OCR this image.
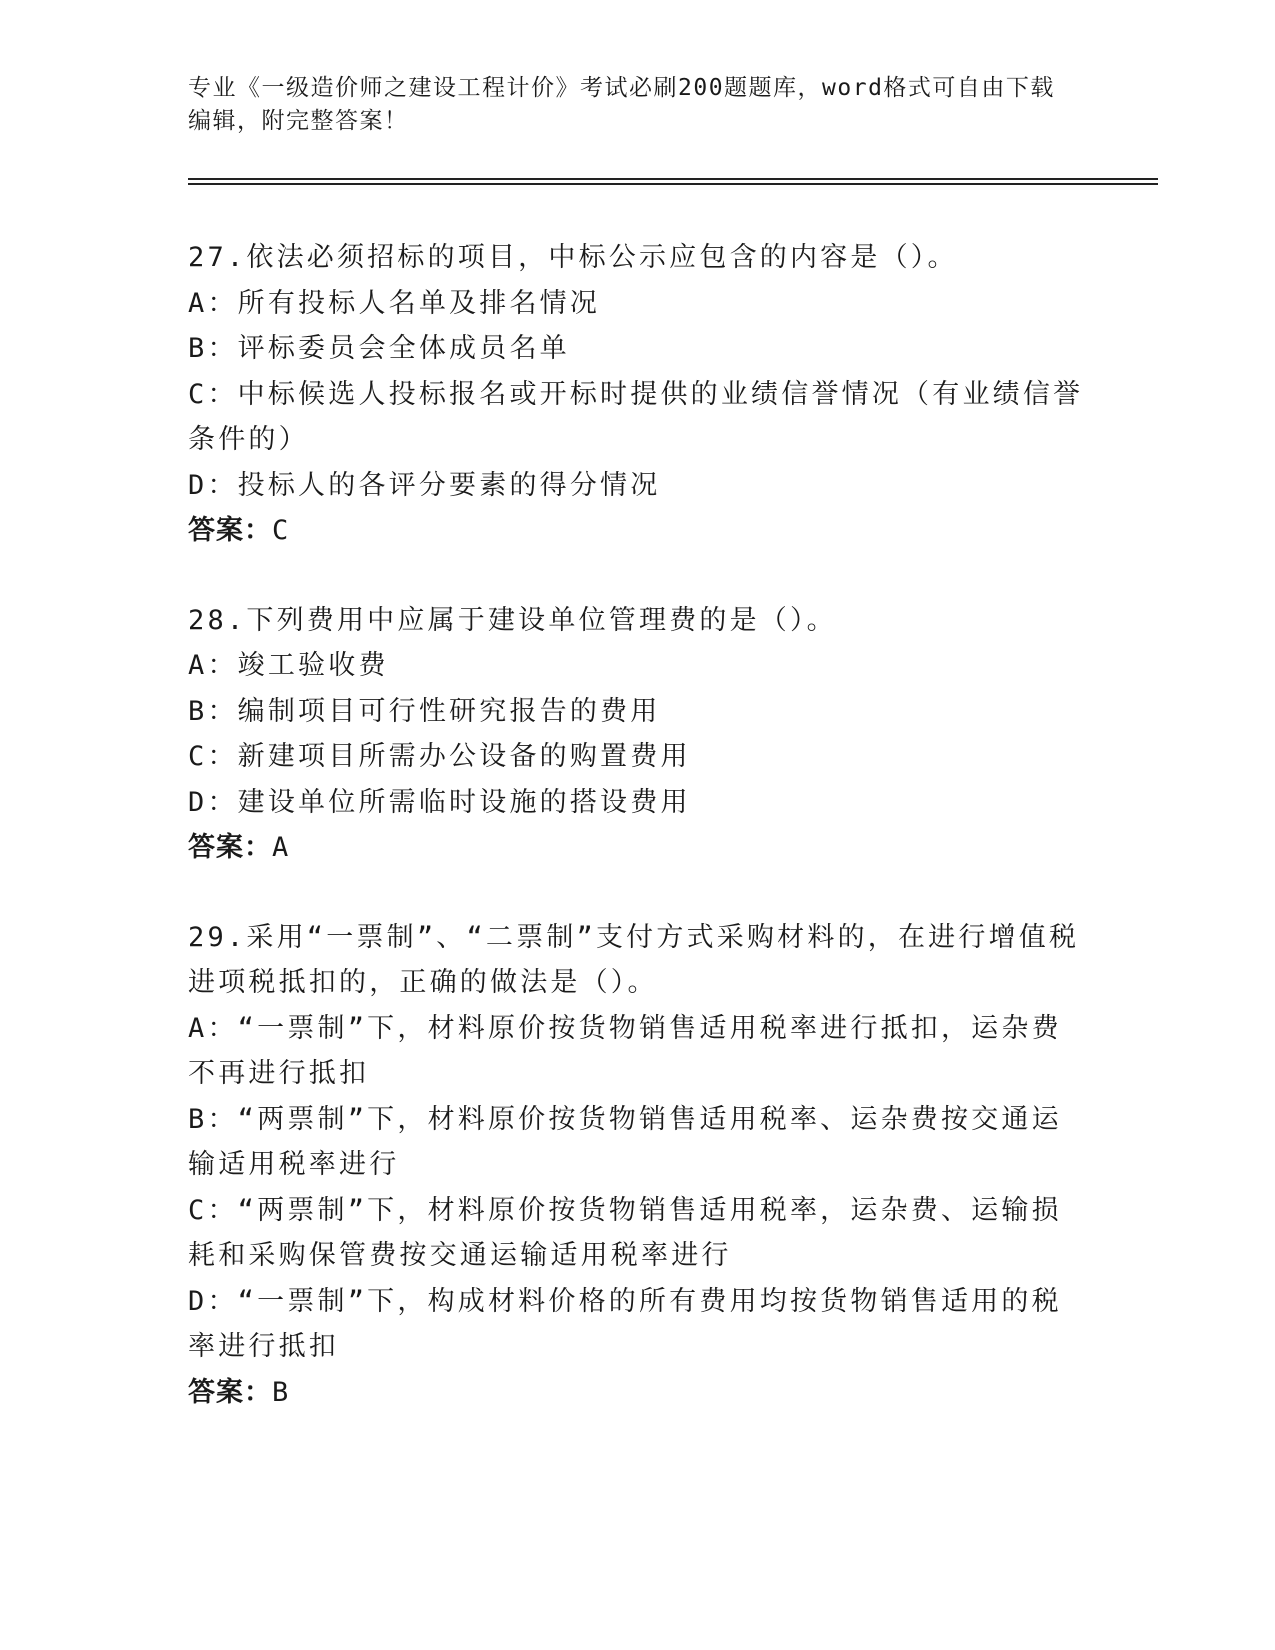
专业《一级造价师之建设工程计价》考试必刷200题题库，word格式可自由下载编辑，附完整答案！
27.依法必须招标的项目，中标公示应包含的内容是（）。
A：所有投标人名单及排名情况
B：评标委员会全体成员名单
C：中标候选人投标报名或开标时提供的业绩信誉情况（有业绩信誉条件的）
D：投标人的各评分要素的得分情况
答案：C
28.下列费用中应属于建设单位管理费的是（）。
A：竣工验收费
B：编制项目可行性研究报告的费用
C：新建项目所需办公设备的购置费用
D：建设单位所需临时设施的搭设费用
答案：A
29.采用“一票制”、“二票制”支付方式采购材料的，在进行增值税进项税抵扣的，正确的做法是（）。
A：“一票制”下，材料原价按货物销售适用税率进行抵扣，运杂费不再进行抵扣
B：“两票制”下，材料原价按货物销售适用税率、运杂费按交通运输适用税率进行
C：“两票制”下，材料原价按货物销售适用税率，运杂费、运输损耗和采购保管费按交通运输适用税率进行
D：“一票制”下，构成材料价格的所有费用均按货物销售适用的税率进行抵扣
答案：B
